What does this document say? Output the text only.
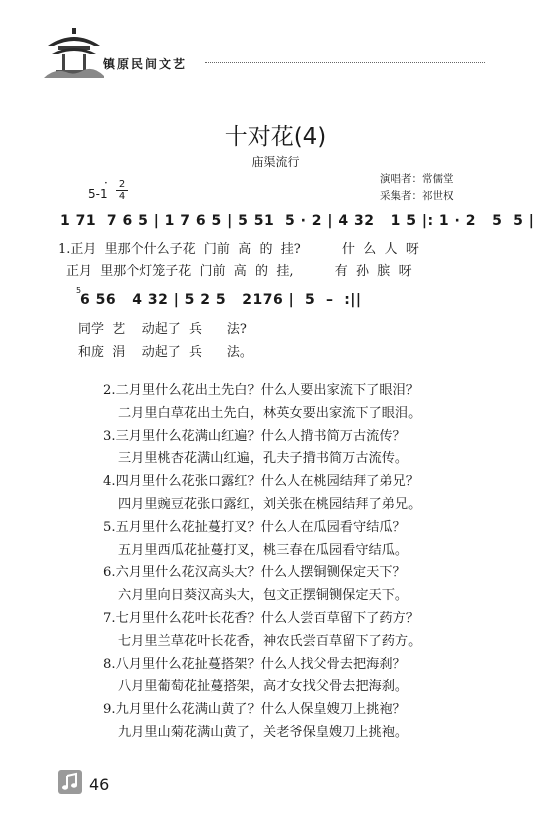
镇原民间文艺
十对花(4)
庙渠流行
演唱者：常儒堂
采集者：祁世权
5-1
· 2
4
1 71  7 6 5 | 1 7 6 5 | 5 51  5 · 2 | 4 32   1 5 |: 1 · 2   5  5 |
1.正月  里那个什么子花  门前  高  的  挂?          什  么  人  呀
正月  里那个灯笼子花  门前  高  的  挂,          有  孙  膑  呀
5
6 56   4 32 | 5 2 5   2176 |  5  –  :||
同学  艺    动起了  兵      法?
和庞  涓    动起了  兵      法。
2.二月里什么花出土先白？什么人要出家流下了眼泪？
二月里白草花出土先白，林英女要出家流下了眼泪。
3.三月里什么花满山红遍？什么人揹书简万古流传？
三月里桃杏花满山红遍，孔夫子揹书简万古流传。
4.四月里什么花张口露红？什么人在桃园结拜了弟兄？
四月里豌豆花张口露红，刘关张在桃园结拜了弟兄。
5.五月里什么花扯蔓打叉？什么人在瓜园看守结瓜？
五月里西瓜花扯蔓打叉，桃三春在瓜园看守结瓜。
6.六月里什么花汉高头大？什么人摆铜铡保定天下？
六月里向日葵汉高头大，包文正摆铜铡保定天下。
7.七月里什么花叶长花香？什么人尝百草留下了药方？
七月里兰草花叶长花香，神农氏尝百草留下了药方。
8.八月里什么花扯蔓搭架？什么人找父骨去把海刹？
八月里葡萄花扯蔓搭架，高才女找父骨去把海刹。
9.九月里什么花满山黄了？什么人保皇嫂刀上挑袍？
九月里山菊花满山黄了，关老爷保皇嫂刀上挑袍。
46
